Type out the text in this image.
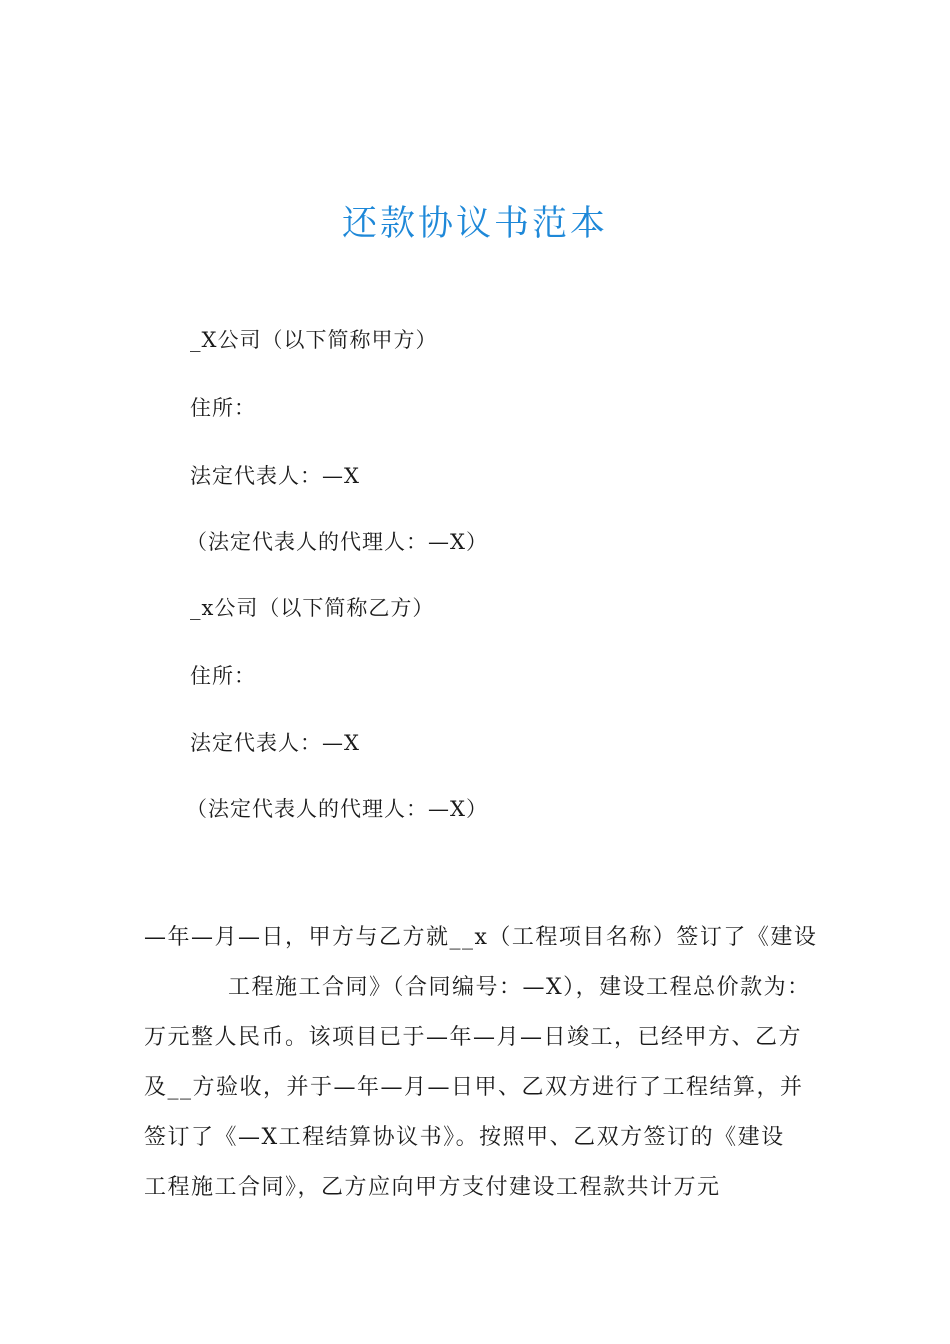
还款协议书范本
_X公司（以下简称甲方）
住所：
法定代表人：—X
（法定代表人的代理人：—X）
_x公司（以下简称乙方）
住所：
法定代表人：—X
（法定代表人的代理人：—X）
—年—月—日，甲方与乙方就__x（工程项目名称）签订了《建设
工程施工合同》（合同编号：—X），建设工程总价款为：
万元整人民币。该项目已于—年—月—日竣工，已经甲方、乙方
及__方验收，并于—年—月—日甲、乙双方进行了工程结算，并
签订了《—X工程结算协议书》。按照甲、乙双方签订的《建设
工程施工合同》，乙方应向甲方支付建设工程款共计万元
